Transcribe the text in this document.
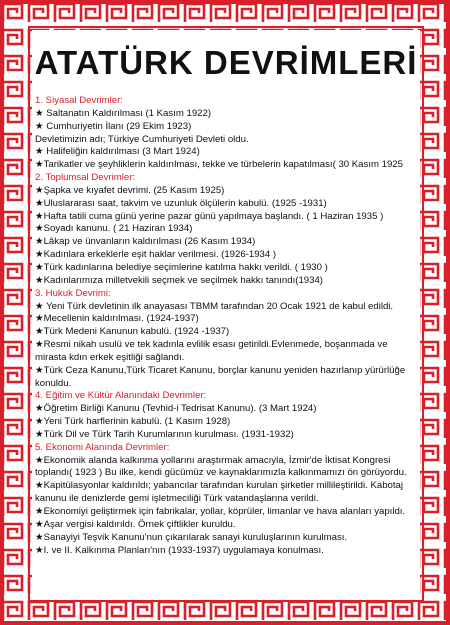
ATATÜRK DEVRİMLERİ
1. Siyasal Devrimler:
★ Saltanatın Kaldırılması (1 Kasım 1922)
★ Cumhuriyetin İlanı (29 Ekim 1923)
Devletimizin adı; Türkiye Cumhuriyeti Devleti oldu.
★ Halifeliğin kaldırılması (3 Mart 1924)
★Tarikatler ve şeyhliklerin kaldırılması, tekke ve türbelerin kapatılması( 30 Kasım 1925
2. Toplumsal Devrimler:
★Şapka ve kıyafet devrimi. (25 Kasım 1925)
★Uluslararası saat, takvim ve uzunluk ölçülerin kabulü. (1925 -1931)
★Hafta tatili cuma günü yerine pazar günü yapılmaya başlandı. ( 1 Haziran 1935 )
★Soyadı kanunu. ( 21 Haziran 1934)
★Lâkap ve ünvanların kaldırılması (26 Kasım 1934)
★Kadınlara erkeklerle eşit haklar verilmesi. (1926-1934 )
★Türk kadınlarına belediye seçimlerine katılma hakkı verildi. ( 1930 )
★Kadınlarımıza milletvekili seçmek ve seçilmek hakkı tanındı(1934)
3. Hukuk Devrimi:
★ Yeni Türk devletinin ilk anayasası TBMM tarafından 20 Ocak 1921 de kabul edildi.
★Mecellenin kaldırılması. (1924-1937)
★Türk Medeni Kanunun kabulü. (1924 -1937)
★Resmi nikah usulü ve tek kadınla evlilik esası getirildi.Evlenmede, boşanmada ve mirasta kdın erkek eşitliği sağlandı.
★Türk Ceza Kanunu,Türk Ticaret Kanunu, borçlar kanunu yeniden hazırlanıp yürürlüğe konuldu.
4. Eğitim ve Kültür Alanındaki Devrimler:
★Öğretim Birliği Kanunu (Tevhid-i Tedrisat Kanunu). (3 Mart 1924)
★Yeni Türk harflerinin kabulü. (1 Kasım 1928)
★Türk Dil ve Türk Tarih Kurumlarının kurulması. (1931-1932)
5. Ekonomi Alanında Devrimler:
★Ekonomik alanda kalkınma yollarını araştırmak amacıyla, İzmir'de İktisat Kongresi toplandı( 1923 ) Bu ilke, kendi gücümüz ve kaynaklarımızla kalkınmamızı ön görüyordu.
★Kapitülasyonlar kaldırıldı; yabancılar tarafından kurulan şirketler millileştirildi. Kabotaj kanunu ile denizlerde gemi işletmeciliği Türk vatandaşlarına verildi.
★Ekonomiyi geliştirmek için fabrikalar, yollar, köprüler, limanlar ve hava alanları yapıldı.
★Aşar vergisi kaldırıldı. Örnek çiftlikler kuruldu.
★Sanayiyi Teşvik Kanunu'nun çıkarılarak sanayi kuruluşlarının kurulması.
★I. ve II. Kalkınma Planları'nın (1933-1937) uygulamaya konulması.
